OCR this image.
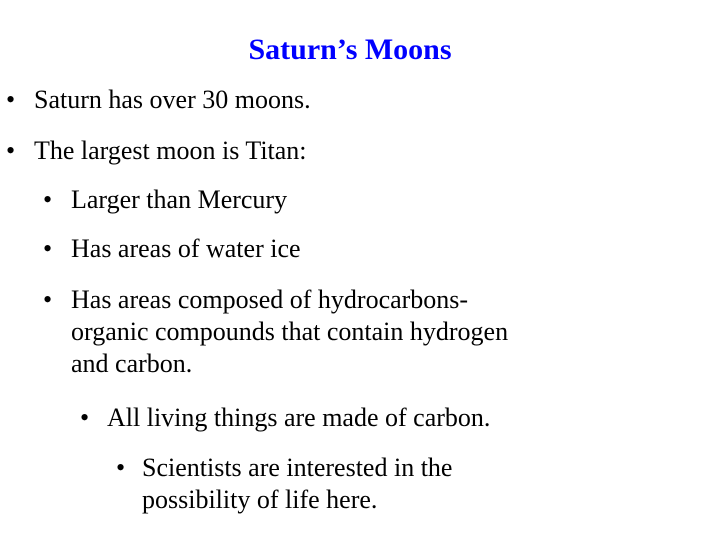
Saturn’s Moons
• Saturn has over 30 moons.
• The largest moon is Titan:
• Larger than Mercury
• Has areas of water ice
• Has areas composed of hydrocarbons-
organic compounds that contain hydrogen
and carbon.
• All living things are made of carbon.
• Scientists are interested in the
possibility of life here.
